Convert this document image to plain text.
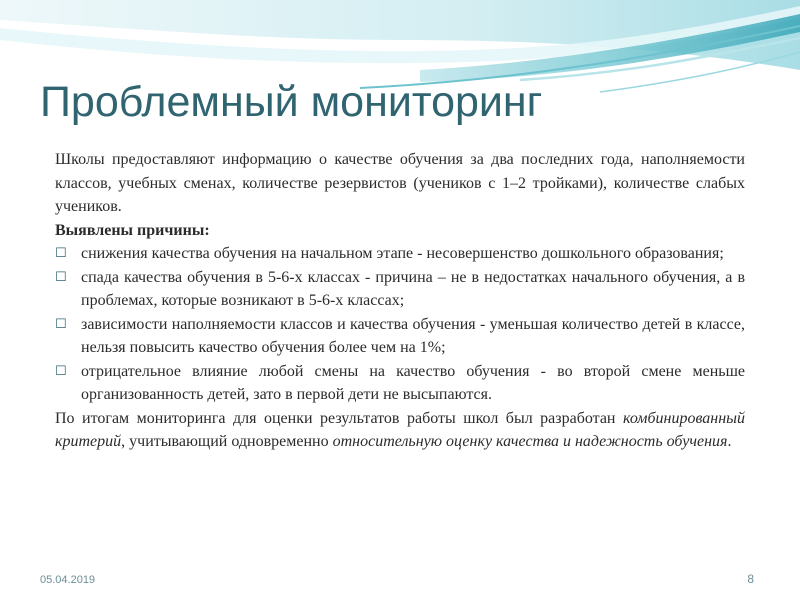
Проблемный мониторинг
Школы предоставляют информацию о качестве обучения за два последних года, наполняемости классов, учебных сменах, количестве резервистов (учеников с 1–2 тройками), количестве слабых учеников.
Выявлены причины:
☐ снижения качества обучения на начальном этапе - несовершенство дошкольного образования;
☐ спада качества обучения в 5-6-х классах - причина – не в недостатках начального обучения, а в проблемах, которые возникают в 5-6-х классах;
☐ зависимости наполняемости классов и качества обучения - уменьшая количество детей в классе, нельзя повысить качество обучения более чем на 1%;
☐ отрицательное влияние любой смены на качество обучения - во второй смене меньше организованность детей, зато в первой дети не высыпаются.
По итогам мониторинга для оценки результатов работы школ был разработан комбинированный критерий, учитывающий одновременно относительную оценку качества и надежность обучения.
05.04.2019	8
